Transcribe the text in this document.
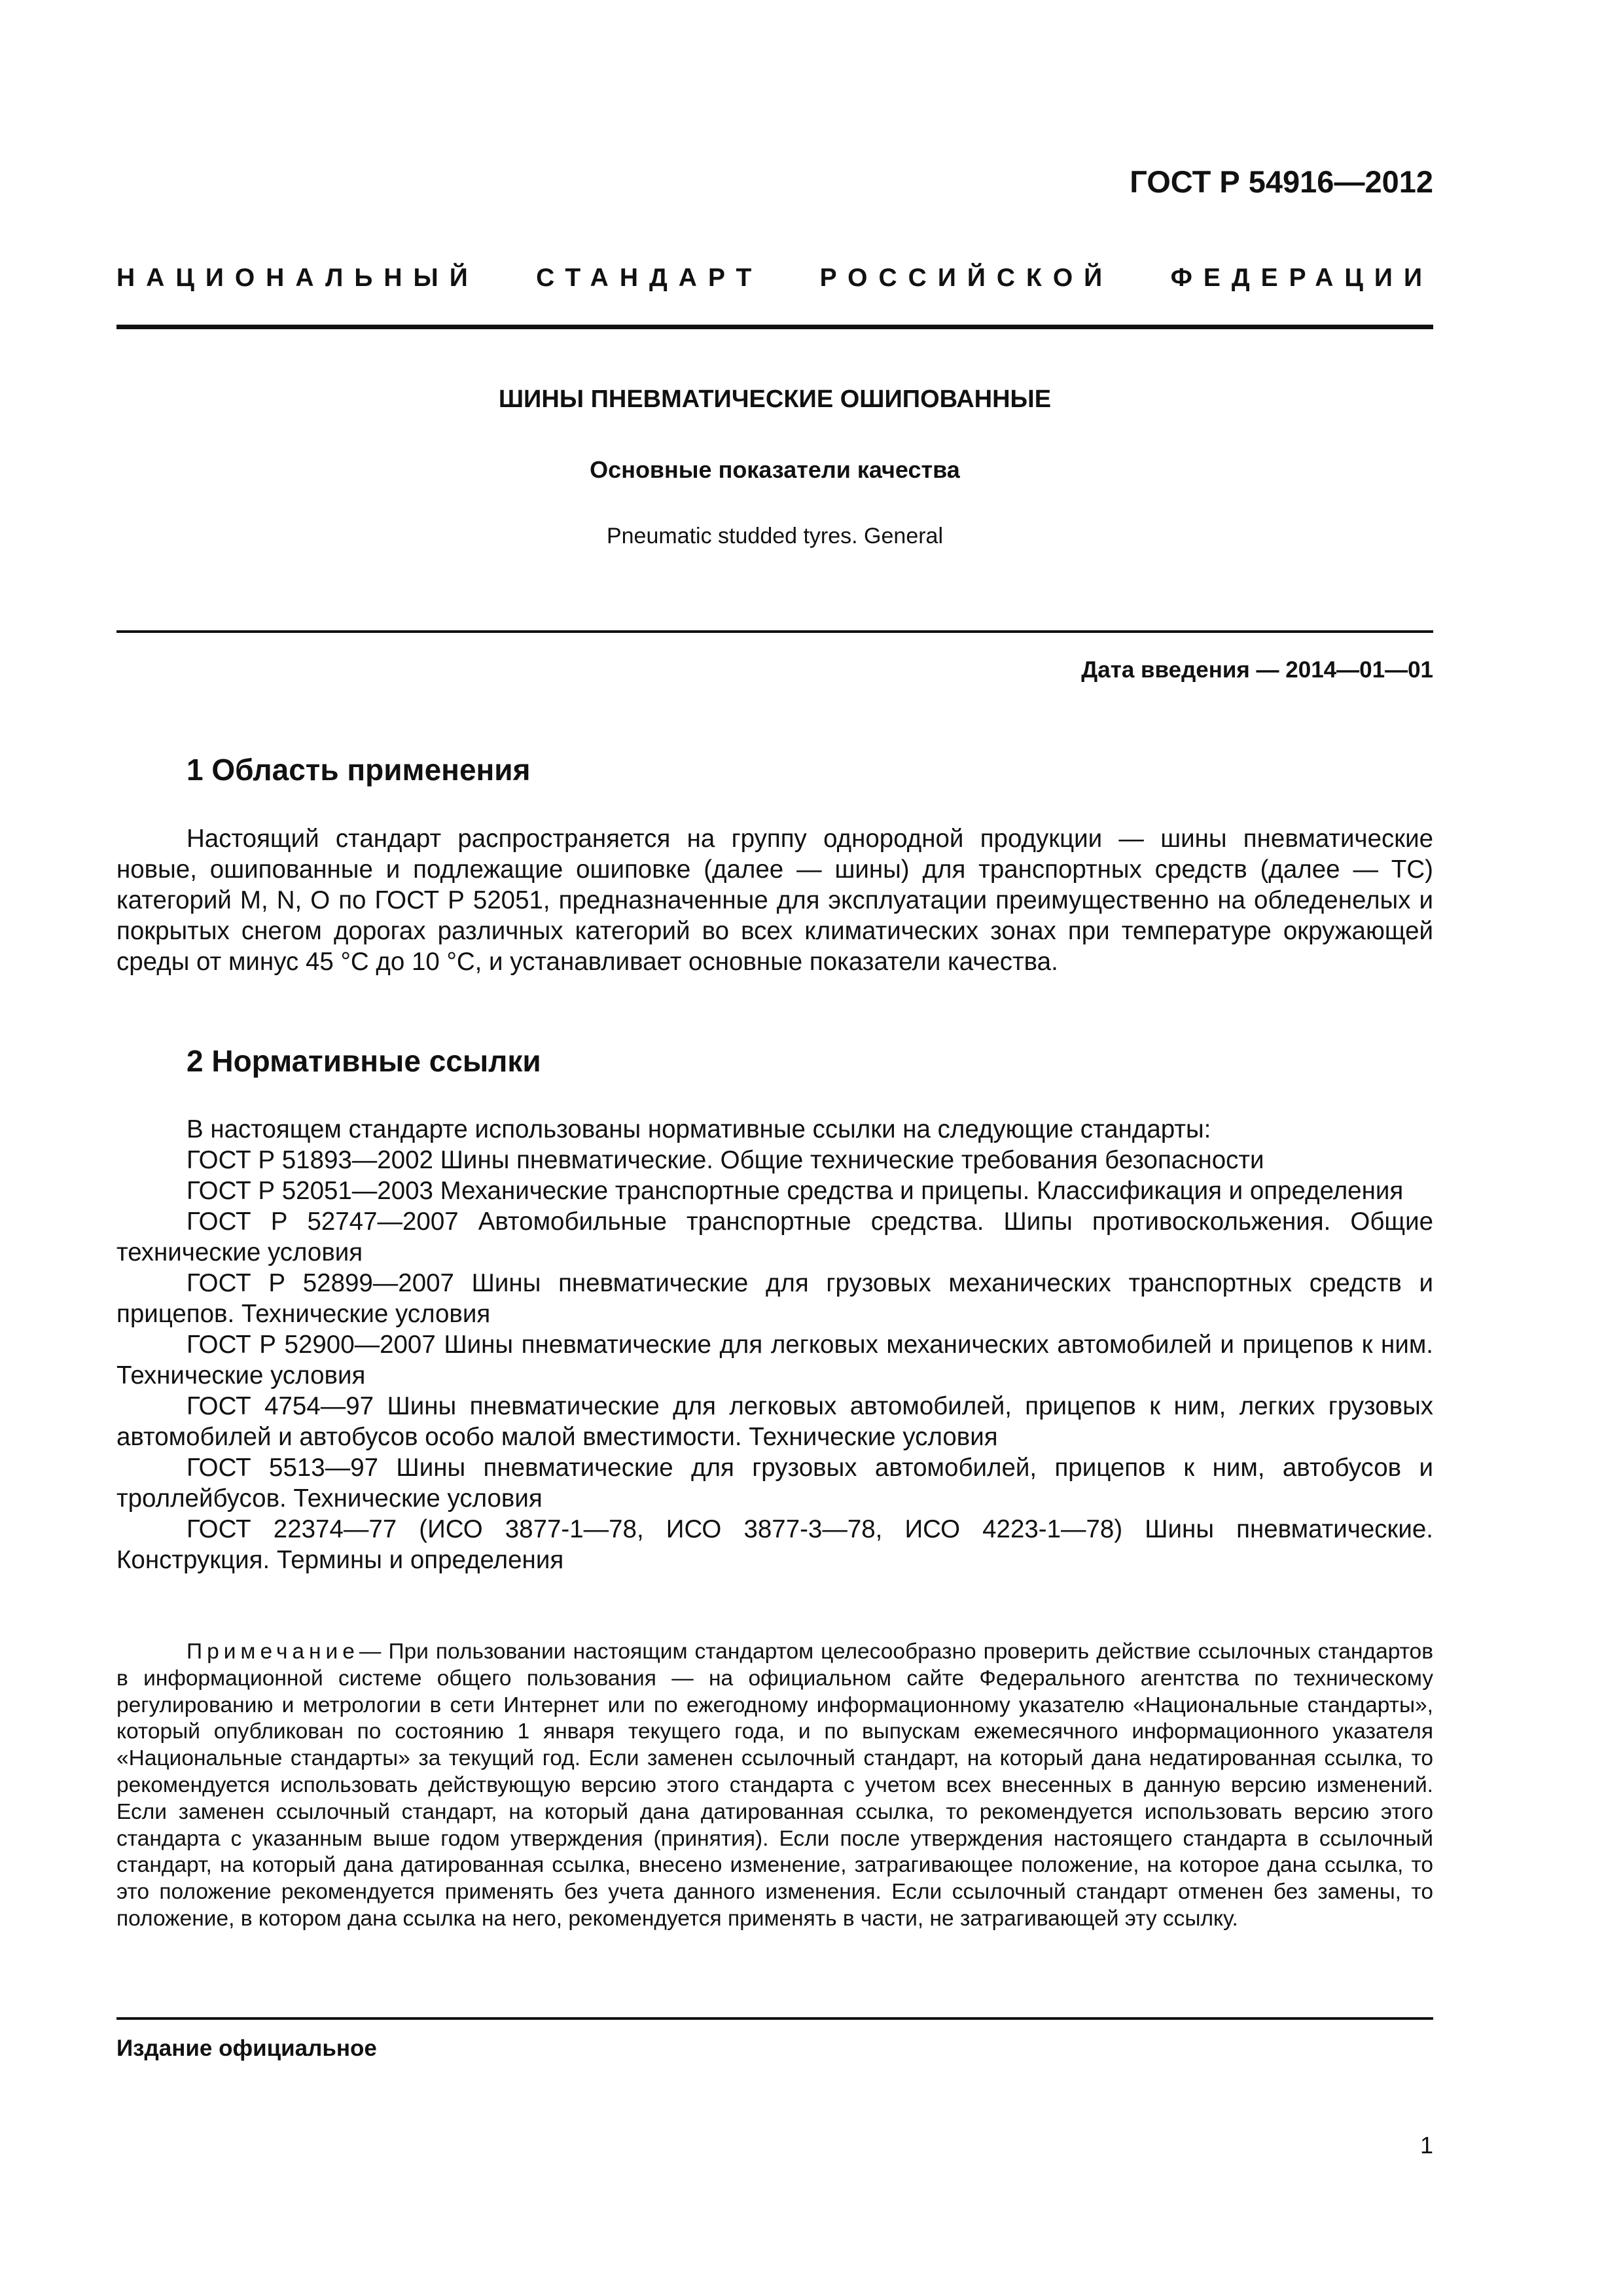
ГОСТ Р 54916—2012
НАЦИОНАЛЬНЫЙ СТАНДАРТ РОССИЙСКОЙ ФЕДЕРАЦИИ
ШИНЫ ПНЕВМАТИЧЕСКИЕ ОШИПОВАННЫЕ
Основные показатели качества
Pneumatic studded tyres. General
Дата введения — 2014—01—01
1 Область применения
Настоящий стандарт распространяется на группу однородной продукции — шины пневматические новые, ошипованные и подлежащие ошиповке (далее — шины) для транспортных средств (далее — ТС) категорий M, N, О по ГОСТ Р 52051, предназначенные для эксплуатации преимущественно на обледенелых и покрытых снегом дорогах различных категорий во всех климатических зонах при температуре окружающей среды от минус 45 °С до 10 °С, и устанавливает основные показатели качества.
2 Нормативные ссылки

В настоящем стандарте использованы нормативные ссылки на следующие стандарты:

ГОСТ Р 51893—2002 Шины пневматические. Общие технические требования безопасности

ГОСТ Р 52051—2003 Механические транспортные средства и прицепы. Классификация и определения

ГОСТ Р 52747—2007 Автомобильные транспортные средства. Шипы противоскольжения. Общие технические условия

ГОСТ Р 52899—2007 Шины пневматические для грузовых механических транспортных средств и прицепов. Технические условия

ГОСТ Р 52900—2007 Шины пневматические для легковых механических автомобилей и прицепов к ним. Технические условия

ГОСТ 4754—97 Шины пневматические для легковых автомобилей, прицепов к ним, легких грузовых автомобилей и автобусов особо малой вместимости. Технические условия

ГОСТ 5513—97 Шины пневматические для грузовых автомобилей, прицепов к ним, автобусов и троллейбусов. Технические условия

ГОСТ 22374—77 (ИСО 3877-1—78, ИСО 3877-3—78, ИСО 4223-1—78) Шины пневматические. Конструкция. Термины и определения

Примечание— При пользовании настоящим стандартом целесообразно проверить действие ссылочных стандартов в информационной системе общего пользования — на официальном сайте Федерального агентства по техническому регулированию и метрологии в сети Интернет или по ежегодному информационному указателю «Национальные стандарты», который опубликован по состоянию 1 января текущего года, и по выпускам ежемесячного информационного указателя «Национальные стандарты» за текущий год. Если заменен ссылочный стандарт, на который дана недатированная ссылка, то рекомендуется использовать действующую версию этого стандарта с учетом всех внесенных в данную версию изменений. Если заменен ссылочный стандарт, на который дана датированная ссылка, то рекомендуется использовать версию этого стандарта с указанным выше годом утверждения (принятия). Если после утверждения настоящего стандарта в ссылочный стандарт, на который дана датированная ссылка, внесено изменение, затрагивающее положение, на которое дана ссылка, то это положение рекомендуется применять без учета данного изменения. Если ссылочный стандарт отменен без замены, то положение, в котором дана ссылка на него, рекомендуется применять в части, не затрагивающей эту ссылку.
Издание официальное
1
